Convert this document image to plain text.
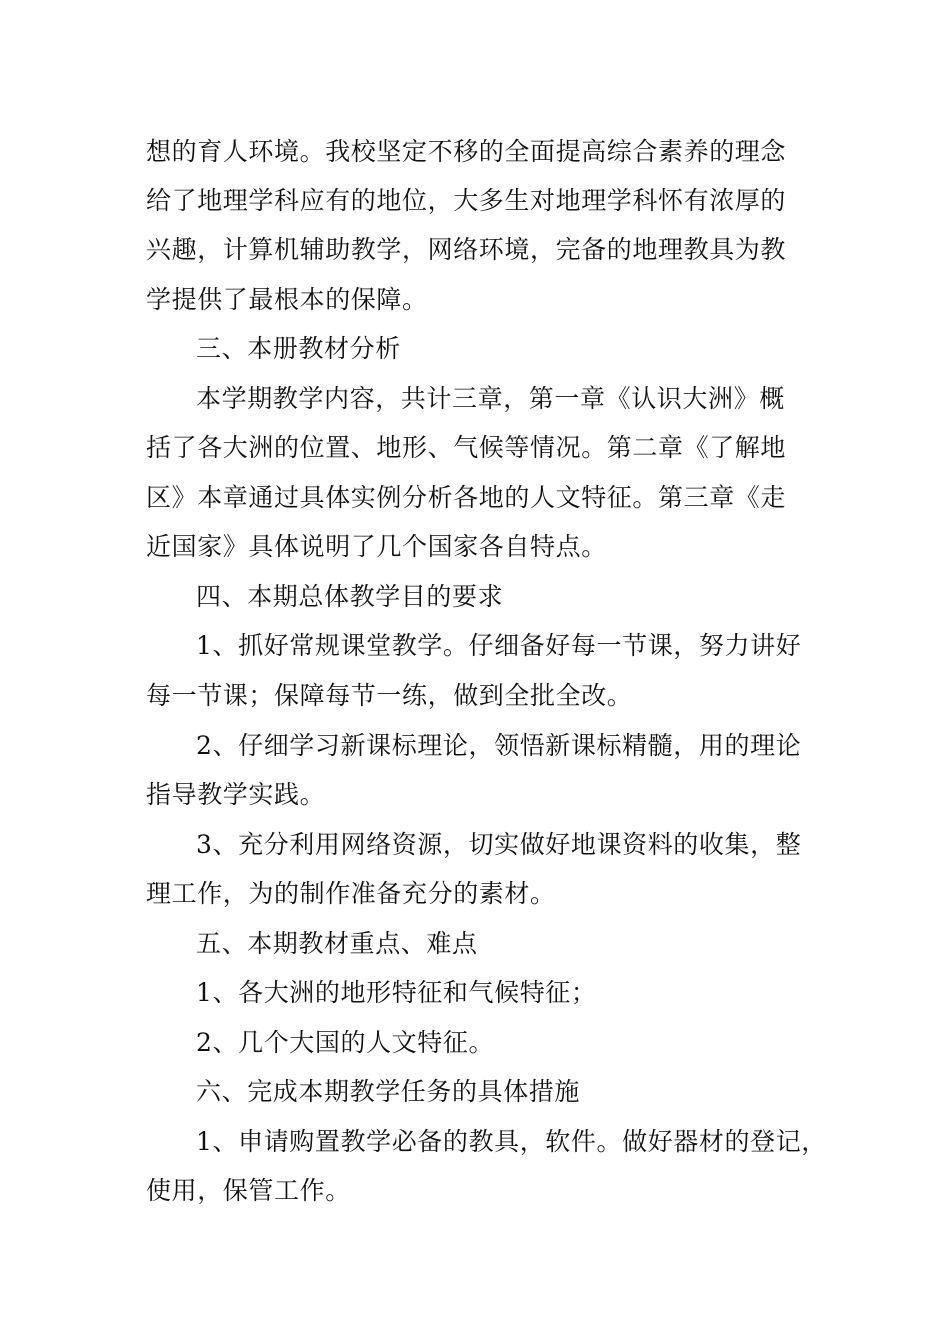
想的育人环境。我校坚定不移的全面提高综合素养的理念
给了地理学科应有的地位，大多生对地理学科怀有浓厚的
兴趣，计算机辅助教学，网络环境，完备的地理教具为教
学提供了最根本的保障。
三、本册教材分析
本学期教学内容，共计三章，第一章《认识大洲》概
括了各大洲的位置、地形、气候等情况。第二章《了解地
区》本章通过具体实例分析各地的人文特征。第三章《走
近国家》具体说明了几个国家各自特点。
四、本期总体教学目的要求
1、抓好常规课堂教学。仔细备好每一节课，努力讲好
每一节课；保障每节一练，做到全批全改。
2、仔细学习新课标理论，领悟新课标精髓，用的理论
指导教学实践。
3、充分利用网络资源，切实做好地课资料的收集，整
理工作，为的制作准备充分的素材。
五、本期教材重点、难点
1、各大洲的地形特征和气候特征；
2、几个大国的人文特征。
六、完成本期教学任务的具体措施
1、申请购置教学必备的教具，软件。做好器材的登记，
使用，保管工作。
